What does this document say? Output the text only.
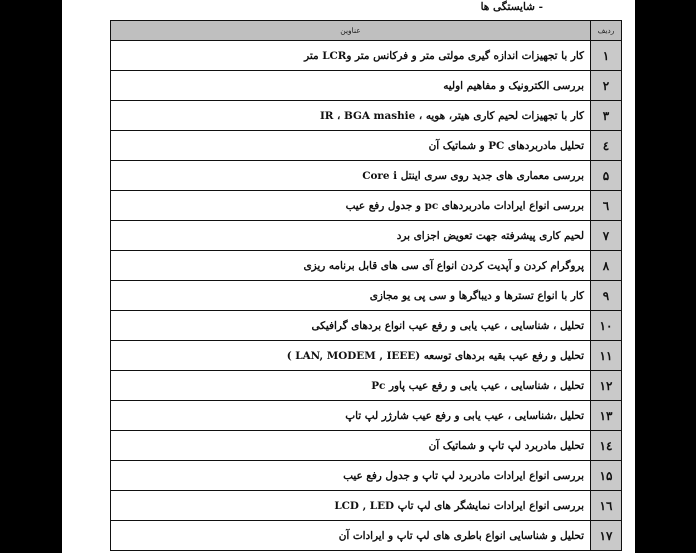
- شایستگی ها
ردیف	عناوین
۱	کار با تجهیزات اندازه گیری مولتی متر و فرکانس متر وLCR متر
۲	بررسی الکترونیک و مفاهیم اولیه
۳	کار با تجهیزات لحیم کاری هیتر، هویه ، IR ، BGA mashie
٤	تحلیل مادربردهای PC و شماتیک آن
۵	بررسی معماری های جدید روی سری اینتل Core i
٦	بررسی انواع ایرادات مادربردهای pc و جدول رفع عیب
۷	لحیم کاری پیشرفته جهت تعویض اجزای برد
۸	پروگرام کردن و آپدیت کردن انواع آی سی های قابل برنامه ریزی
۹	کار با انواع تسترها و دیباگرها و سی پی یو مجازی
۱۰	تحلیل ، شناسایی ، عیب یابی و رفع عیب انواع بردهای گرافیکی
۱۱	تحلیل و رفع عیب بقیه بردهای توسعه (LAN, MODEM , IEEE )
۱۲	تحلیل ، شناسایی ، عیب یابی و رفع عیب پاور Pc
۱۳	تحلیل ،شناسایی ، عیب یابی و رفع عیب شارژر لپ تاپ
١٤	تحلیل مادربرد لپ تاپ و شماتیک آن
۱۵	بررسی انواع ایرادات مادربرد لپ تاپ و جدول رفع عیب
۱٦	بررسی انواع ایرادات نمایشگر های لپ تاپ LCD , LED
۱۷	تحلیل و شناسایی انواع باطری های لپ تاپ و ایرادات آن
